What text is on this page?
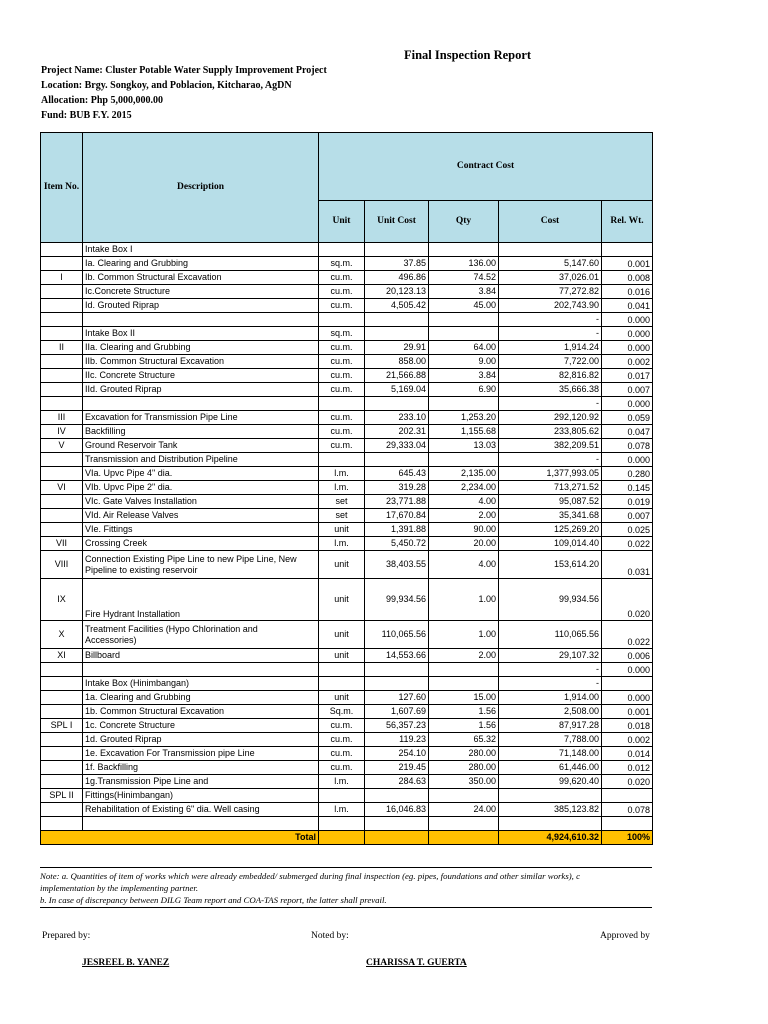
Final Inspection Report
Project Name: Cluster Potable Water Supply Improvement Project
Location: Brgy. Songkoy, and Poblacion, Kitcharao, AgDN
Allocation: Php 5,000,000.00
Fund: BUB F.Y. 2015
Item No.	Description	Contract Cost				
		Unit	Unit Cost	Qty	Cost	Rel. Wt.
	Intake Box I					
	Ia. Clearing and Grubbing	sq.m.	37.85	136.00	5,147.60	0.001
I	Ib. Common Structural Excavation	cu.m.	496.86	74.52	37,026.01	0.008
	Ic.Concrete Structure	cu.m.	20,123.13	3.84	77,272.82	0.016
	Id. Grouted Riprap	cu.m.	4,505.42	45.00	202,743.90	0.041
					-	0.000
	Intake Box II	sq.m.			-	0.000
II	IIa. Clearing and Grubbing	cu.m.	29.91	64.00	1,914.24	0.000
	IIb. Common Structural Excavation	cu.m.	858.00	9.00	7,722.00	0.002
	IIc. Concrete Structure	cu.m.	21,566.88	3.84	82,816.82	0.017
	IId. Grouted Riprap	cu.m.	5,169.04	6.90	35,666.38	0.007
					-	0.000
III	Excavation for Transmission Pipe Line	cu.m.	233.10	1,253.20	292,120.92	0.059
IV	Backfilling	cu.m.	202.31	1,155.68	233,805.62	0.047
V	Ground Reservoir Tank	cu.m.	29,333.04	13.03	382,209.51	0.078
	Transmission and Distribution Pipeline				-	0.000
	VIa. Upvc Pipe 4" dia.	l.m.	645.43	2,135.00	1,377,993.05	0.280
VI	VIb. Upvc Pipe 2" dia.	l.m.	319.28	2,234.00	713,271.52	0.145
	VIc. Gate Valves Installation	set	23,771.88	4.00	95,087.52	0.019
	VId. Air Release Valves	set	17,670.84	2.00	35,341.68	0.007
	VIe. Fittings	unit	1,391.88	90.00	125,269.20	0.025
VII	Crossing Creek	l.m.	5,450.72	20.00	109,014.40	0.022
VIII	Connection Existing Pipe Line to new Pipe Line, New
Pipeline to existing reservoir	unit	38,403.55	4.00	153,614.20	0.031
IX	Fire Hydrant Installation	unit	99,934.56	1.00	99,934.56	0.020
X	Treatment Facilities (Hypo Chlorination and
Accessories)	unit	110,065.56	1.00	110,065.56	0.022
XI	Billboard	unit	14,553.66	2.00	29,107.32	0.006
					-	0.000
	Intake Box (Hinimbangan)				-	
	1a. Clearing and Grubbing	unit	127.60	15.00	1,914.00	0.000
	1b. Common Structural Excavation	Sq.m.	1,607.69	1.56	2,508.00	0.001
SPL I	1c. Concrete Structure	cu.m.	56,357.23	1.56	87,917.28	0.018
	1d. Grouted Riprap	cu.m.	119.23	65.32	7,788.00	0.002
	1e. Excavation For Transmission pipe Line	cu.m.	254.10	280.00	71,148.00	0.014
	1f. Backfilling	cu.m.	219.45	280.00	61,446.00	0.012
	1g.Transmission Pipe Line and	l.m.	284.63	350.00	99,620.40	0.020
SPL II	Fittings(Hinimbangan)					
	Rehabilitation of Existing 6" dia. Well casing	l.m.	16,046.83	24.00	385,123.82	0.078

Total					4,924,610.32	100%
Note: a. Quantities of item of works which were already embedded/ submerged during final inspection (eg. pipes, foundations and other similar works), c
implementation by the implementing partner.
b. In case of discrepancy between DILG Team report and COA-TAS report, the latter shall prevail.
Prepared by:	Noted by:	Approved by
JESREEL B. YANEZ	CHARISSA T. GUERTA
